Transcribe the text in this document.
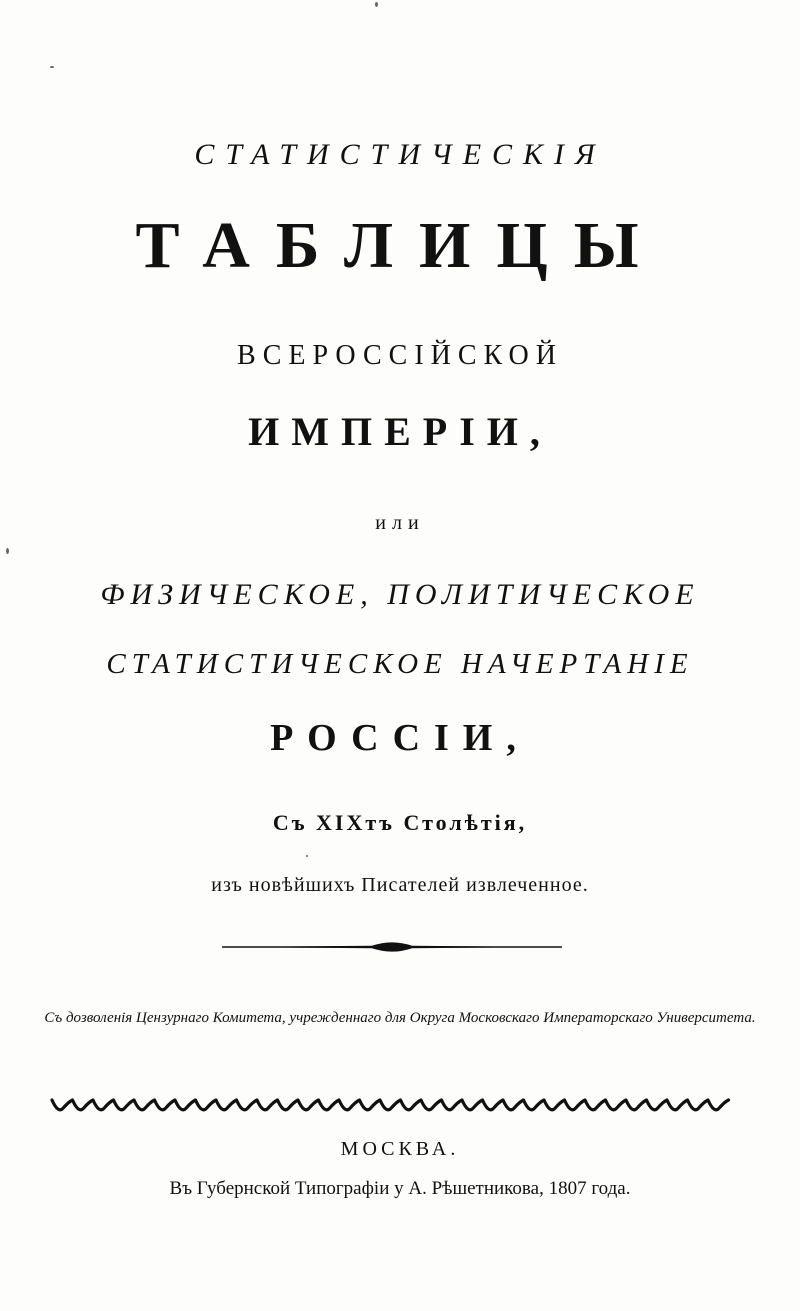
СТАТИСТИЧЕСКІЯ
ТАБЛИЦЫ
ВСЕРОССІЙСКОЙ
ИМПЕРІИ,
или
ФИЗИЧЕСКОЕ, ПОЛИТИЧЕСКОЕ
СТАТИСТИЧЕСКОЕ НАЧЕРТАНІЕ
РОССІИ,
Съ XIXтъ Столѣтія,
изъ новѣйшихъ Писателей извлеченное.
Съ дозволенія Цензурнаго Комитета, учрежденнаго для Округа Московскаго Императорскаго Университета.
МОСКВА.
Въ Губернской Типографіи у А. Рѣшетникова, 1807 года.
